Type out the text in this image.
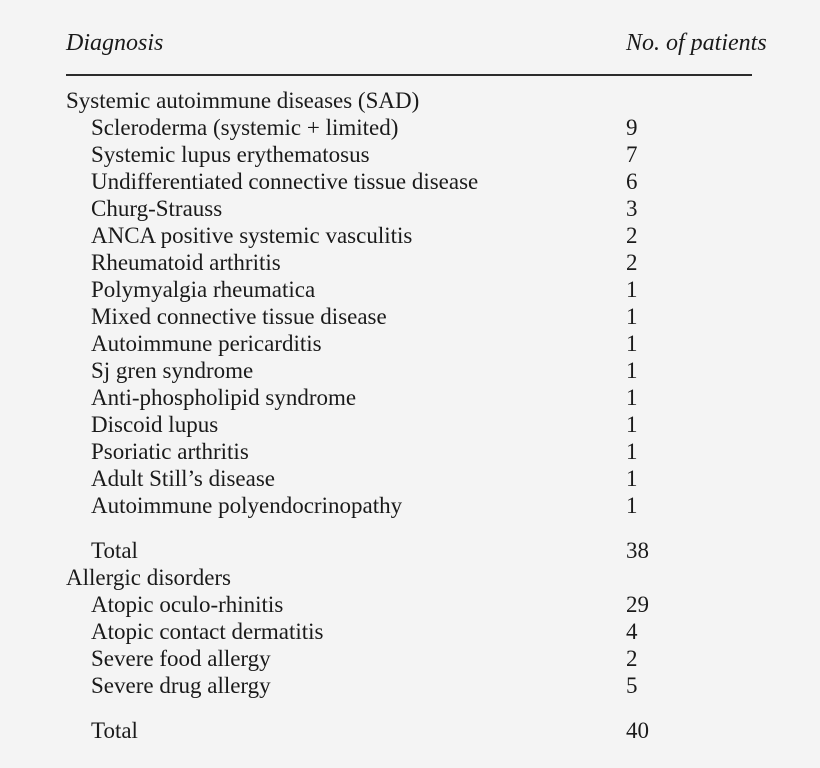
Diagnosis	No. of patients
Systemic autoimmune diseases (SAD)	
Scleroderma (systemic + limited)	9
Systemic lupus erythematosus	7
Undifferentiated connective tissue disease	6
Churg-Strauss	3
ANCA positive systemic vasculitis	2
Rheumatoid arthritis	2
Polymyalgia rheumatica	1
Mixed connective tissue disease	1
Autoimmune pericarditis	1
Sj gren syndrome	1
Anti-phospholipid syndrome	1
Discoid lupus	1
Psoriatic arthritis	1
Adult Still’s disease	1
Autoimmune polyendocrinopathy	1
Total	38
Allergic disorders	
Atopic oculo-rhinitis	29
Atopic contact dermatitis	4
Severe food allergy	2
Severe drug allergy	5
Total	40
